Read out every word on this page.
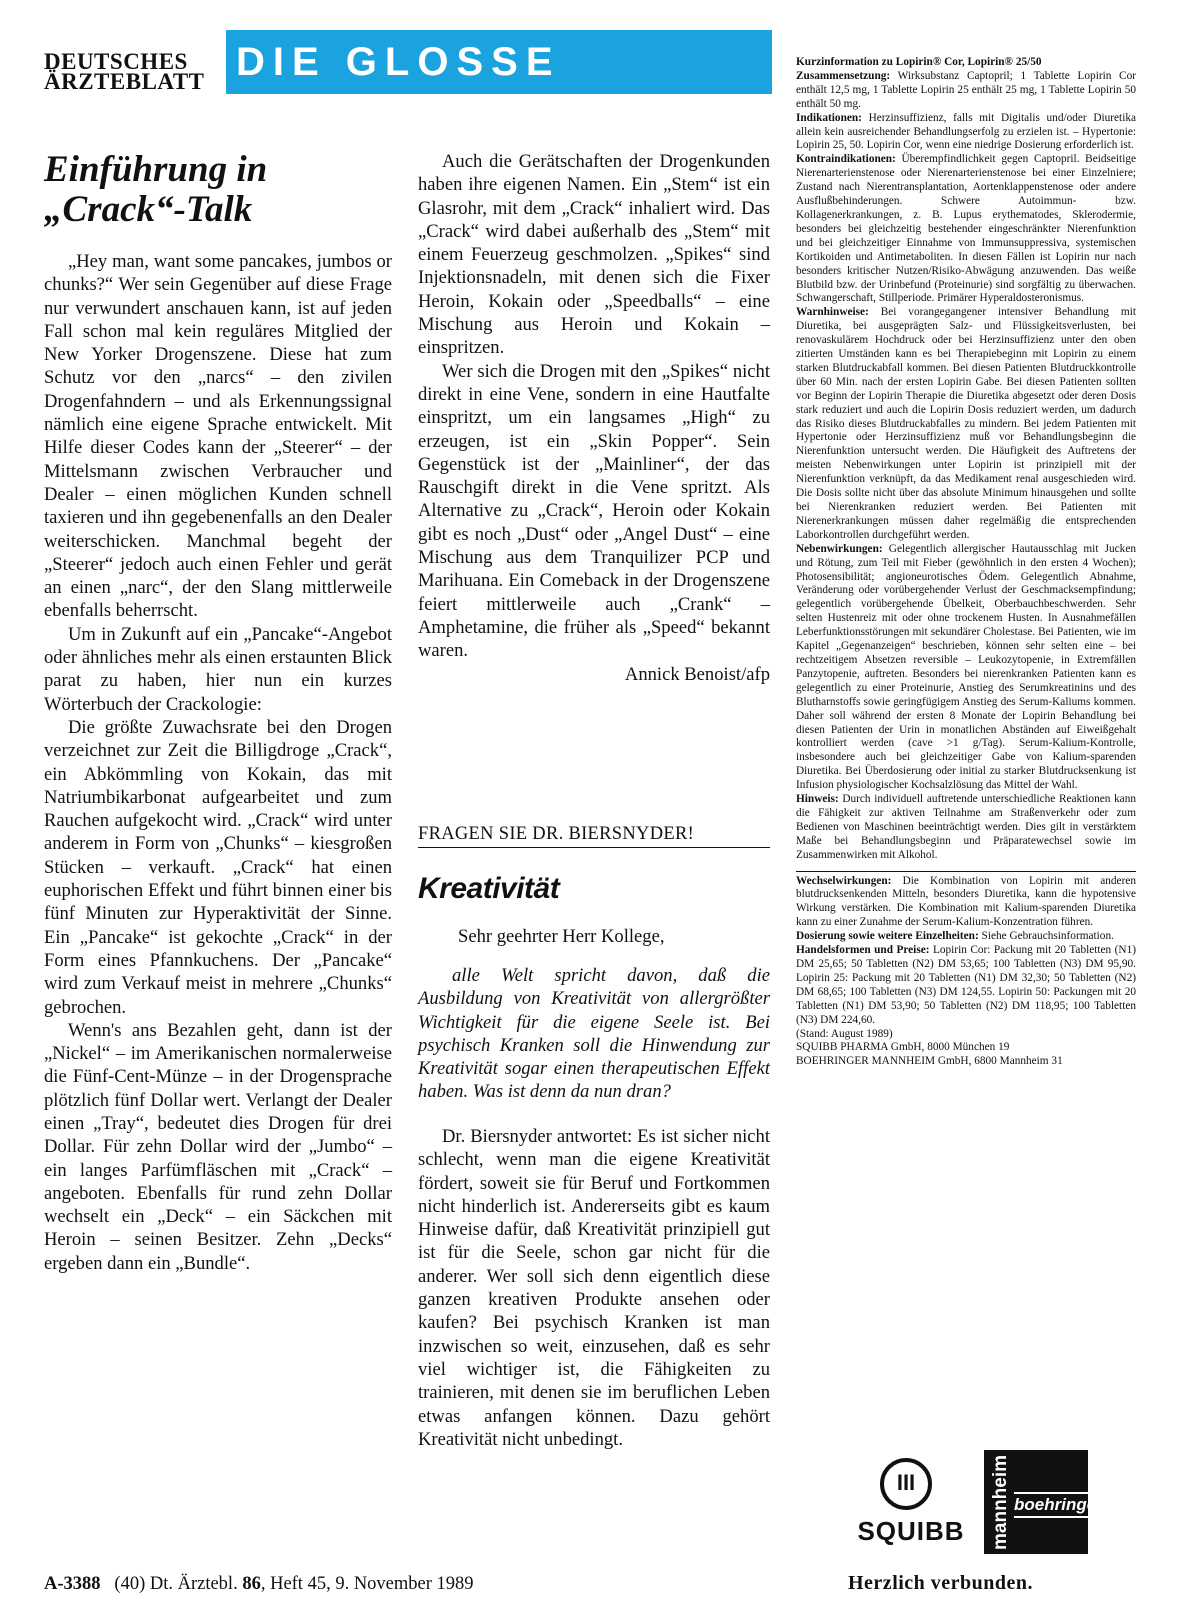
DEUTSCHES
ÄRZTEBLATT DIE GLOSSE
Einführung in
„Crack“-Talk

„Hey man, want some pancakes, jumbos or chunks?“ Wer sein Gegenüber auf diese Frage nur verwundert anschauen kann, ist auf jeden Fall schon mal kein reguläres Mitglied der New Yorker Drogenszene. Diese hat zum Schutz vor den „narcs“ – den zivilen Drogenfahndern – und als Erkennungssignal nämlich eine eigene Sprache entwickelt. Mit Hilfe dieser Codes kann der „Steerer“ – der Mittelsmann zwischen Verbraucher und Dealer – einen möglichen Kunden schnell taxieren und ihn gegebenenfalls an den Dealer weiterschicken. Manchmal begeht der „Steerer“ jedoch auch einen Fehler und gerät an einen „narc“, der den Slang mittlerweile ebenfalls beherrscht.

Um in Zukunft auf ein „Pancake“-Angebot oder ähnliches mehr als einen erstaunten Blick parat zu haben, hier nun ein kurzes Wörterbuch der Crackologie:

Die größte Zuwachsrate bei den Drogen verzeichnet zur Zeit die Billigdroge „Crack“, ein Abkömmling von Kokain, das mit Natriumbikarbonat aufgearbeitet und zum Rauchen aufgekocht wird. „Crack“ wird unter anderem in Form von „Chunks“ – kiesgroßen Stücken – verkauft. „Crack“ hat einen euphorischen Effekt und führt binnen einer bis fünf Minuten zur Hyperaktivität der Sinne. Ein „Pancake“ ist gekochte „Crack“ in der Form eines Pfannkuchens. Der „Pancake“ wird zum Verkauf meist in mehrere „Chunks“ gebrochen.

Wenn's ans Bezahlen geht, dann ist der „Nickel“ – im Amerikanischen normalerweise die Fünf-Cent-Münze – in der Drogensprache plötzlich fünf Dollar wert. Verlangt der Dealer einen „Tray“, bedeutet dies Drogen für drei Dollar. Für zehn Dollar wird der „Jumbo“ – ein langes Parfümfläschen mit „Crack“ – angeboten. Ebenfalls für rund zehn Dollar wechselt ein „Deck“ – ein Säckchen mit Heroin – seinen Besitzer. Zehn „Decks“ ergeben dann ein „Bundle“.

Auch die Gerätschaften der Drogenkunden haben ihre eigenen Namen. Ein „Stem“ ist ein Glasrohr, mit dem „Crack“ inhaliert wird. Das „Crack“ wird dabei außerhalb des „Stem“ mit einem Feuerzeug geschmolzen. „Spikes“ sind Injektionsnadeln, mit denen sich die Fixer Heroin, Kokain oder „Speedballs“ – eine Mischung aus Heroin und Kokain – einspritzen.

Wer sich die Drogen mit den „Spikes“ nicht direkt in eine Vene, sondern in eine Hautfalte einspritzt, um ein langsames „High“ zu erzeugen, ist ein „Skin Popper“. Sein Gegenstück ist der „Mainliner“, der das Rauschgift direkt in die Vene spritzt. Als Alternative zu „Crack“, Heroin oder Kokain gibt es noch „Dust“ oder „Angel Dust“ – eine Mischung aus dem Tranquilizer PCP und Marihuana. Ein Comeback in der Drogenszene feiert mittlerweile auch „Crank“ – Amphetamine, die früher als „Speed“ bekannt waren.

Annick Benoist/afp

FRAGEN SIE DR. BIERSNYDER!
Kreativität
Sehr geehrter Herr Kollege,
alle Welt spricht davon, daß die Ausbildung von Kreativität von allergrößter Wichtigkeit für die eigene Seele ist. Bei psychisch Kranken soll die Hinwendung zur Kreativität sogar einen therapeutischen Effekt haben. Was ist denn da nun dran?

Dr. Biersnyder antwortet: Es ist sicher nicht schlecht, wenn man die eigene Kreativität fördert, soweit sie für Beruf und Fortkommen nicht hinderlich ist. Andererseits gibt es kaum Hinweise dafür, daß Kreativität prinzipiell gut ist für die Seele, schon gar nicht für die anderer. Wer soll sich denn eigentlich diese ganzen kreativen Produkte ansehen oder kaufen? Bei psychisch Kranken ist man inzwischen so weit, einzusehen, daß es sehr viel wichtiger ist, die Fähigkeiten zu trainieren, mit denen sie im beruflichen Leben etwas anfangen können. Dazu gehört Kreativität nicht unbedingt.

Kurzinformation zu Lopirin® Cor, Lopirin® 25/50

Zusammensetzung: Wirksubstanz Captopril; 1 Tablette Lopirin Cor enthält 12,5 mg, 1 Tablette Lopirin 25 enthält 25 mg, 1 Tablette Lopirin 50 enthält 50 mg.

Indikationen: Herzinsuffizienz, falls mit Digitalis und/oder Diuretika allein kein ausreichender Behandlungserfolg zu erzielen ist. – Hypertonie: Lopirin 25, 50. Lopirin Cor, wenn eine niedrige Dosierung erforderlich ist.

Kontraindikationen: Überempfindlichkeit gegen Captopril. Beidseitige Nierenarterienstenose oder Nierenarterienstenose bei einer Einzelniere; Zustand nach Nierentransplantation, Aortenklappenstenose oder andere Ausflußbehinderungen. Schwere Autoimmun- bzw. Kollagenerkrankungen, z. B. Lupus erythematodes, Sklerodermie, besonders bei gleichzeitig bestehender eingeschränkter Nierenfunktion und bei gleichzeitiger Einnahme von Immunsuppressiva, systemischen Kortikoiden und Antimetaboliten. In diesen Fällen ist Lopirin nur nach besonders kritischer Nutzen/Risiko-Abwägung anzuwenden. Das weiße Blutbild bzw. der Urinbefund (Proteinurie) sind sorgfältig zu überwachen. Schwangerschaft, Stillperiode. Primärer Hyperaldosteronismus.

Warnhinweise: Bei vorangegangener intensiver Behandlung mit Diuretika, bei ausgeprägten Salz- und Flüssigkeitsverlusten, bei renovaskulärem Hochdruck oder bei Herzinsuffizienz unter den oben zitierten Umständen kann es bei Therapiebeginn mit Lopirin zu einem starken Blutdruckabfall kommen. Bei diesen Patienten Blutdruckkontrolle über 60 Min. nach der ersten Lopirin Gabe. Bei diesen Patienten sollten vor Beginn der Lopirin Therapie die Diuretika abgesetzt oder deren Dosis stark reduziert und auch die Lopirin Dosis reduziert werden, um dadurch das Risiko dieses Blutdruckabfalles zu mindern. Bei jedem Patienten mit Hypertonie oder Herzinsuffizienz muß vor Behandlungsbeginn die Nierenfunktion untersucht werden. Die Häufigkeit des Auftretens der meisten Nebenwirkungen unter Lopirin ist prinzipiell mit der Nierenfunktion verknüpft, da das Medikament renal ausgeschieden wird. Die Dosis sollte nicht über das absolute Minimum hinausgehen und sollte bei Nierenkranken reduziert werden. Bei Patienten mit Nierenerkrankungen müssen daher regelmäßig die entsprechenden Laborkontrollen durchgeführt werden.

Nebenwirkungen: Gelegentlich allergischer Hautausschlag mit Jucken und Rötung, zum Teil mit Fieber (gewöhnlich in den ersten 4 Wochen); Photosensibilität; angioneurotisches Ödem. Gelegentlich Abnahme, Veränderung oder vorübergehender Verlust der Geschmacksempfindung; gelegentlich vorübergehende Übelkeit, Oberbauchbeschwerden. Sehr selten Hustenreiz mit oder ohne trockenem Husten. In Ausnahmefällen Leberfunktionsstörungen mit sekundärer Cholestase. Bei Patienten, wie im Kapitel „Gegenanzeigen“ beschrieben, können sehr selten eine – bei rechtzeitigem Absetzen reversible – Leukozytopenie, in Extremfällen Panzytopenie, auftreten. Besonders bei nierenkranken Patienten kann es gelegentlich zu einer Proteinurie, Anstieg des Serumkreatinins und des Blutharnstoffs sowie geringfügigem Anstieg des Serum-Kaliums kommen. Daher soll während der ersten 8 Monate der Lopirin Behandlung bei diesen Patienten der Urin in monatlichen Abständen auf Eiweißgehalt kontrolliert werden (cave >1 g/Tag). Serum-Kalium-Kontrolle, insbesondere auch bei gleichzeitiger Gabe von Kalium-sparenden Diuretika. Bei Überdosierung oder initial zu starker Blutdrucksenkung ist Infusion physiologischer Kochsalzlösung das Mittel der Wahl.

Hinweis: Durch individuell auftretende unterschiedliche Reaktionen kann die Fähigkeit zur aktiven Teilnahme am Straßenverkehr oder zum Bedienen von Maschinen beeinträchtigt werden. Dies gilt in verstärktem Maße bei Behandlungsbeginn und Präparatewechsel sowie im Zusammenwirken mit Alkohol.

Wechselwirkungen: Die Kombination von Lopirin mit anderen blutdrucksenkenden Mitteln, besonders Diuretika, kann die hypotensive Wirkung verstärken. Die Kombination mit Kalium-sparenden Diuretika kann zu einer Zunahme der Serum-Kalium-Konzentration führen.

Dosierung sowie weitere Einzelheiten: Siehe Gebrauchsinformation.

Handelsformen und Preise: Lopirin Cor: Packung mit 20 Tabletten (N1) DM 25,65; 50 Tabletten (N2) DM 53,65; 100 Tabletten (N3) DM 95,90. Lopirin 25: Packung mit 20 Tabletten (N1) DM 32,30; 50 Tabletten (N2) DM 68,65; 100 Tabletten (N3) DM 124,55. Lopirin 50: Packungen mit 20 Tabletten (N1) DM 53,90; 50 Tabletten (N2) DM 118,95; 100 Tabletten (N3) DM 224,60.

(Stand: August 1989)

SQUIBB PHARMA GmbH, 8000 München 19

BOEHRINGER MANNHEIM GmbH, 6800 Mannheim 31

III
SQUIBB mannheim boehringer
Herzlich verbunden.
A-3388 (40) Dt. Ärztebl. 86, Heft 45, 9. November 1989
